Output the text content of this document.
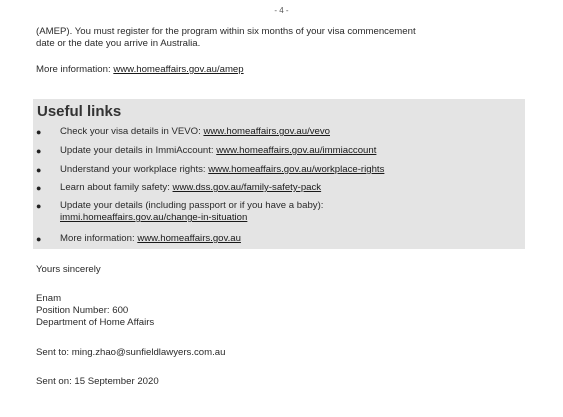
- 4 -

(AMEP). You must register for the program within six months of your visa commencement

date or the date you arrive in Australia.

More information: www.homeaffairs.gov.au/amep

Useful links
● Check your visa details in VEVO: www.homeaffairs.gov.au/vevo
● Update your details in ImmiAccount: www.homeaffairs.gov.au/immiaccount
● Understand your workplace rights: www.homeaffairs.gov.au/workplace-rights
● Learn about family safety: www.dss.gov.au/family-safety-pack
● Update your details (including passport or if you have a baby):
immi.homeaffairs.gov.au/change-in-situation
● More information: www.homeaffairs.gov.au

Yours sincerely

Enam

Position Number: 600

Department of Home Affairs

Sent to: ming.zhao@sunfieldlawyers.com.au

Sent on: 15 September 2020
